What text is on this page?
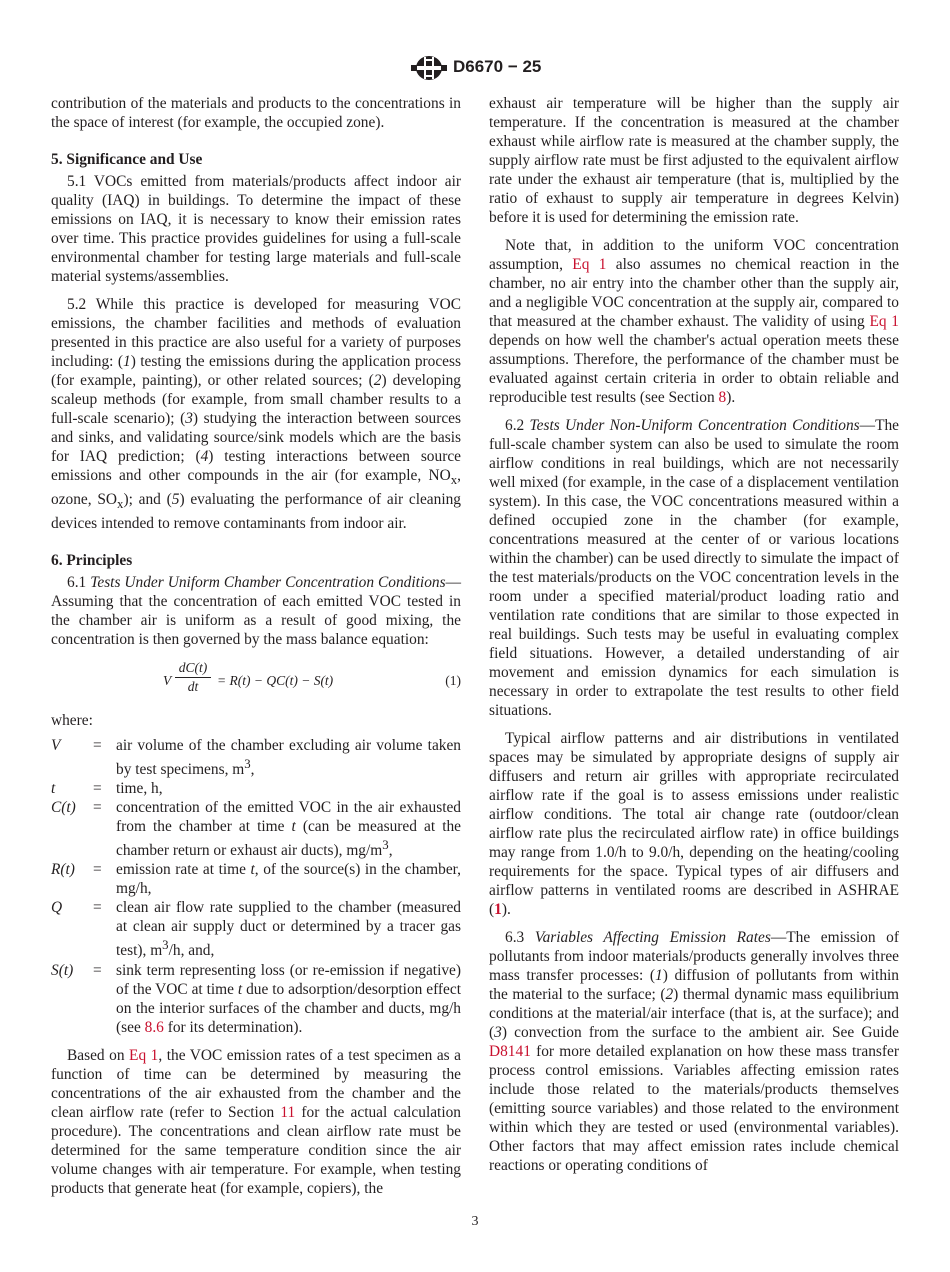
D6670 − 25

contribution of the materials and products to the concentrations in the space of interest (for example, the occupied zone).

5. Significance and Use

5.1 VOCs emitted from materials/products affect indoor air quality (IAQ) in buildings. To determine the impact of these emissions on IAQ, it is necessary to know their emission rates over time. This practice provides guidelines for using a full-scale environmental chamber for testing large materials and full-scale material systems/assemblies.

5.2 While this practice is developed for measuring VOC emissions, the chamber facilities and methods of evaluation presented in this practice are also useful for a variety of purposes including: (1) testing the emissions during the application process (for example, painting), or other related sources; (2) developing scaleup methods (for example, from small chamber results to a full-scale scenario); (3) studying the interaction between sources and sinks, and validating source/sink models which are the basis for IAQ prediction; (4) testing interactions between source emissions and other compounds in the air (for example, $NO_x$, ozone, $SO_x$); and (5) evaluating the performance of air cleaning devices intended to remove contaminants from indoor air.

6. Principles

6.1 Tests Under Uniform Chamber Concentration Conditions—Assuming that the concentration of each emitted VOC tested in the chamber air is uniform as a result of good mixing, the concentration is then governed by the mass balance equation:

V $\frac{dC(t)}{dt} = R(t) - QC(t) - S(t)$	(1)

where:

V	= air volume of the chamber excluding air volume taken by test specimens, $m^3$,
t	= time, h,
C(t)	= concentration of the emitted VOC in the air exhausted from the chamber at time t (can be measured at the chamber return or exhaust air ducts), $mg/m^3$,
R(t)	= emission rate at time t, of the source(s) in the chamber, mg/h,
Q	= clean air flow rate supplied to the chamber (measured at clean air supply duct or determined by a tracer gas test), $m^3/h$, and,
S(t)	= sink term representing loss (or re-emission if negative) of the VOC at time t due to adsorption/desorption effect on the interior surfaces of the chamber and ducts, mg/h (see 8.6 for its determination).

Based on Eq 1, the VOC emission rates of a test specimen as a function of time can be determined by measuring the concentrations of the air exhausted from the chamber and the clean airflow rate (refer to Section 11 for the actual calculation procedure). The concentrations and clean airflow rate must be determined for the same temperature condition since the air volume changes with air temperature. For example, when testing products that generate heat (for example, copiers), the

exhaust air temperature will be higher than the supply air temperature. If the concentration is measured at the chamber exhaust while airflow rate is measured at the chamber supply, the supply airflow rate must be first adjusted to the equivalent airflow rate under the exhaust air temperature (that is, multiplied by the ratio of exhaust to supply air temperature in degrees Kelvin) before it is used for determining the emission rate.

Note that, in addition to the uniform VOC concentration assumption, Eq 1 also assumes no chemical reaction in the chamber, no air entry into the chamber other than the supply air, and a negligible VOC concentration at the supply air, compared to that measured at the chamber exhaust. The validity of using Eq 1 depends on how well the chamber's actual operation meets these assumptions. Therefore, the performance of the chamber must be evaluated against certain criteria in order to obtain reliable and reproducible test results (see Section 8).

6.2 Tests Under Non-Uniform Concentration Conditions—The full-scale chamber system can also be used to simulate the room airflow conditions in real buildings, which are not necessarily well mixed (for example, in the case of a displacement ventilation system). In this case, the VOC concentrations measured within a defined occupied zone in the chamber (for example, concentrations measured at the center of or various locations within the chamber) can be used directly to simulate the impact of the test materials/products on the VOC concentration levels in the room under a specified material/product loading ratio and ventilation rate conditions that are similar to those expected in real buildings. Such tests may be useful in evaluating complex field situations. However, a detailed understanding of air movement and emission dynamics for each simulation is necessary in order to extrapolate the test results to other field situations.

Typical airflow patterns and air distributions in ventilated spaces may be simulated by appropriate designs of supply air diffusers and return air grilles with appropriate recirculated airflow rate if the goal is to assess emissions under realistic airflow conditions. The total air change rate (outdoor/clean airflow rate plus the recirculated airflow rate) in office buildings may range from 1.0/h to 9.0/h, depending on the heating/cooling requirements for the space. Typical types of air diffusers and airflow patterns in ventilated rooms are described in ASHRAE (1).

6.3 Variables Affecting Emission Rates—The emission of pollutants from indoor materials/products generally involves three mass transfer processes: (1) diffusion of pollutants from within the material to the surface; (2) thermal dynamic mass equilibrium conditions at the material/air interface (that is, at the surface); and (3) convection from the surface to the ambient air. See Guide D8141 for more detailed explanation on how these mass transfer process control emissions. Variables affecting emission rates include those related to the materials/products themselves (emitting source variables) and those related to the environment within which they are tested or used (environmental variables). Other factors that may affect emission rates include chemical reactions or operating conditions of

3
